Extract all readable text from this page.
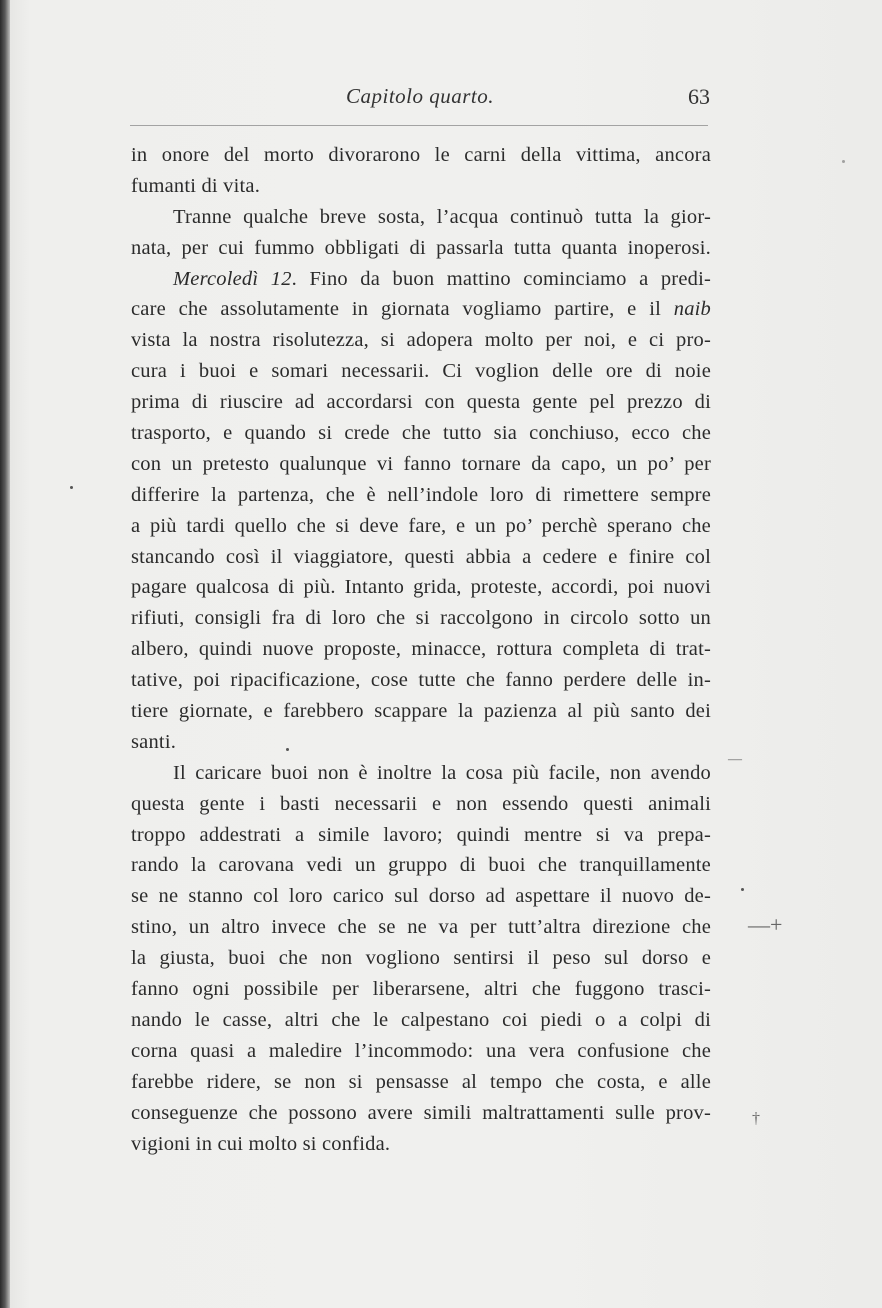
Capitolo quarto.	63
in onore del morto divorarono le carni della vittima, ancora
fumanti di vita.
Tranne qualche breve sosta, l’acqua continuò tutta la gior-
nata, per cui fummo obbligati di passarla tutta quanta inoperosi.
Mercoledì 12. Fino da buon mattino cominciamo a predi-
care che assolutamente in giornata vogliamo partire, e il naib
vista la nostra risolutezza, si adopera molto per noi, e ci pro-
cura i buoi e somari necessarii. Ci voglion delle ore di noie
prima di riuscire ad accordarsi con questa gente pel prezzo di
trasporto, e quando si crede che tutto sia conchiuso, ecco che
con un pretesto qualunque vi fanno tornare da capo, un po’ per
differire la partenza, che è nell’indole loro di rimettere sempre
a più tardi quello che si deve fare, e un po’ perchè sperano che
stancando così il viaggiatore, questi abbia a cedere e finire col
pagare qualcosa di più. Intanto grida, proteste, accordi, poi nuovi
rifiuti, consigli fra di loro che si raccolgono in circolo sotto un
albero, quindi nuove proposte, minacce, rottura completa di trat-
tative, poi ripacificazione, cose tutte che fanno perdere delle in-
tiere giornate, e farebbero scappare la pazienza al più santo dei
santi.
Il caricare buoi non è inoltre la cosa più facile, non avendo
questa gente i basti necessarii e non essendo questi animali
troppo addestrati a simile lavoro; quindi mentre si va prepa-
rando la carovana vedi un gruppo di buoi che tranquillamente
se ne stanno col loro carico sul dorso ad aspettare il nuovo de-
stino, un altro invece che se ne va per tutt’altra direzione che
la giusta, buoi che non vogliono sentirsi il peso sul dorso e
fanno ogni possibile per liberarsene, altri che fuggono trasci-
nando le casse, altri che le calpestano coi piedi o a colpi di
corna quasi a maledire l’incommodo: una vera confusione che
farebbe ridere, se non si pensasse al tempo che costa, e alle
conseguenze che possono avere simili maltrattamenti sulle prov-
vigioni in cui molto si confida.
—
—+
†
